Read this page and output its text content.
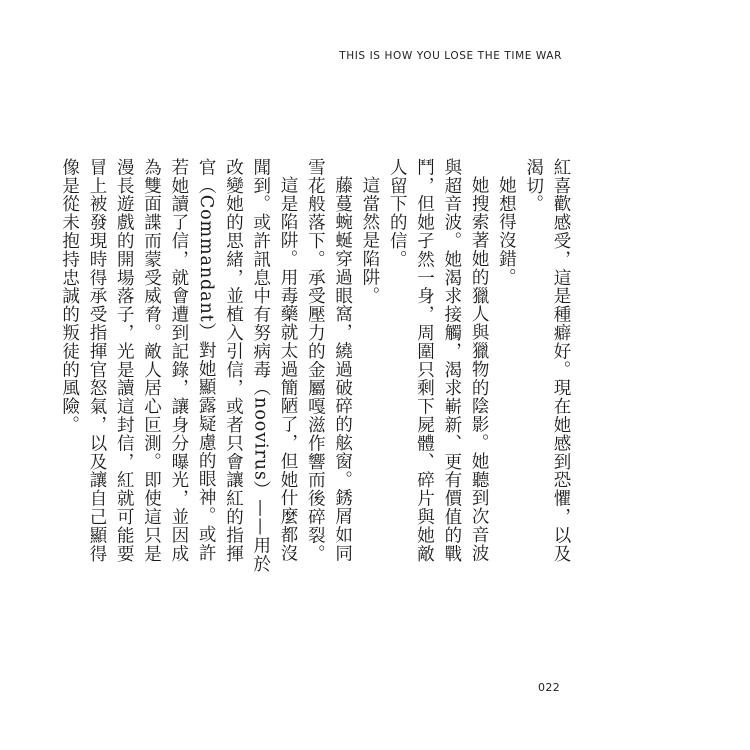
THIS IS HOW YOU LOSE THE TIME WAR

紅喜歡感受，這是種癖好。現在她感到恐懼，以及渴切。

她想得沒錯。

她搜索著她的獵人與獵物的陰影。她聽到次音波與超音波。她渴求接觸，渴求嶄新、更有價值的戰鬥，但她孑然一身，周圍只剩下屍體、碎片與她敵人留下的信。

這當然是陷阱。

藤蔓蜿蜒穿過眼窩，繞過破碎的舷窗。銹屑如同雪花般落下。承受壓力的金屬嘎滋作響而後碎裂。

這是陷阱。用毒藥就太過簡陋了，但她什麼都沒聞到。或許訊息中有努病毒（noovirus）——用於改變她的思緒，並植入引信，或者只會讓紅的指揮官（Commandant）對她顯露疑慮的眼神。或許若她讀了信，就會遭到記錄，讓身分曝光，並因成為雙面諜而蒙受威脅。敵人居心叵測。即使這只是漫長遊戲的開場落子，光是讀這封信，紅就可能要冒上被發現時得承受指揮官怒氣，以及讓自己顯得像是從未抱持忠誠的叛徒的風險。

022
